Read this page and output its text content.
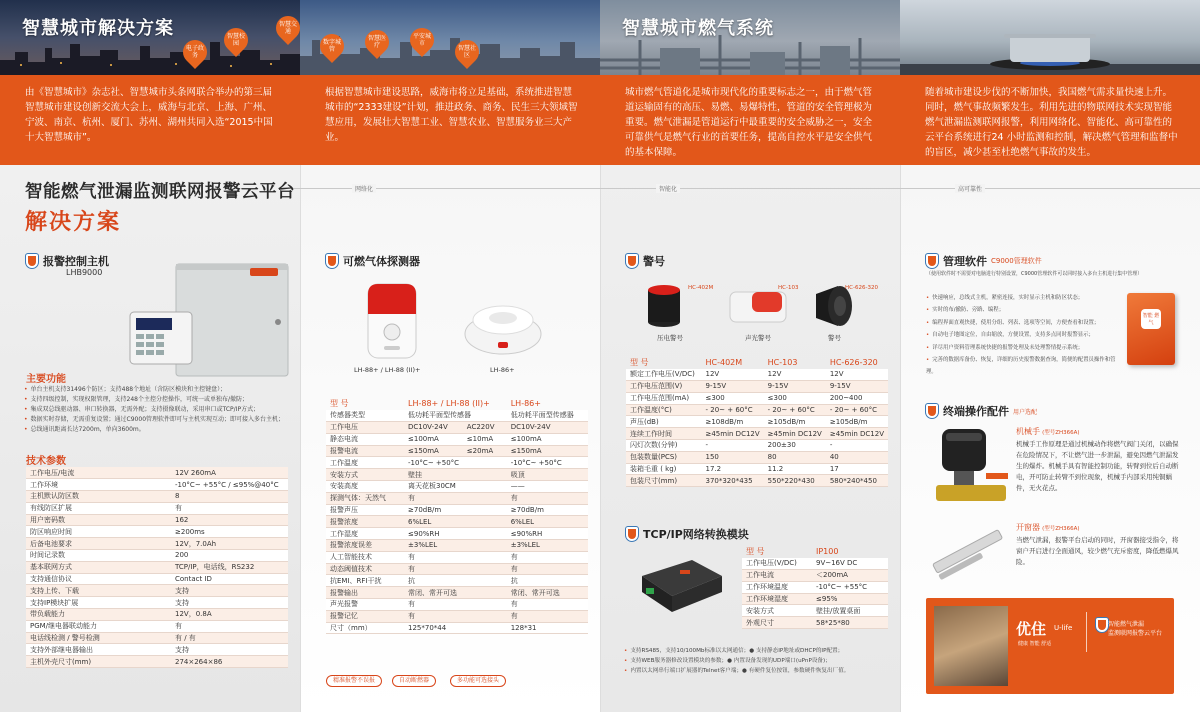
智慧城市解决方案
电子政务
智慧校园
智慧交通
平安城市
数字城管
智慧医疗	智慧社区
智慧城市燃气系统
由《智慧城市》杂志社、智慧城市头条网联合举办的第三届智慧城市建设创新交流大会上，威海与北京、上海、广州、宁波、南京、杭州、厦门、苏州、湖州共同入选“2015中国十大智慧城市”。
根据智慧城市建设思路，威海市将立足基础，系统推进智慧城市的“2333建设”计划，推进政务、商务、民生三大领域智慧应用，发展壮大智慧工业、智慧农业、智慧服务业三大产业。
城市燃气管道化是城市现代化的重要标志之一，由于燃气管道运输固有的高压、易燃、易爆特性，管道的安全管理极为重要。燃气泄漏是管道运行中最重要的安全威胁之一，安全可靠供气是燃气行业的首要任务，提高自控水平是安全供气的基本保障。
随着城市建设步伐的不断加快，我国燃气需求量快速上升。同时，燃气事故频繁发生。利用先进的物联网技术实现智能燃气泄漏监测联网报警，利用网络化、智能化、高可靠性的云平台系统进行24 小时监测和控制，解决燃气管理和监督中的盲区，减少甚至杜绝燃气事故的发生。
网络化	智能化	高可靠性
智能燃气泄漏监测联网报警云平台
解决方案
报警控制主机
LHB9000
主要功能
• 单台主机支持31496个防区；支持488个地址（含防区模块和主控键盘）；
• 支持四级控制，实现权限管理，支持248个主控分控操作，可统一或单独布/撤防；
• 集成双总线驱动器、串口转换器，无需外配；支持摄像联动，采用串口或TCP/IP方式；
• 数据实时存储，无需重复设置；通过C9000管理软件即可与主机实现互动；即可接入多台主机；
• 总线通讯距离长达7200m，单向3600m。
技术参数
工作电压/电流	12V 260mA
工作环境	-10°C~ +55°C / ≤95%@40°C
主机默认防区数	8
有线防区扩展	有
用户密码数	162
防区响应时间	≥200ms
后备电池要求	12V，7.0Ah
时间记录数	200
基本联网方式	TCP/IP，电话线，RS232
支持通信协议	Contact ID
支持上传、下载	支持
支持IP模块扩展	支持
带负载能力	12V，0.8A
PGM/继电器联动能力	有
电话线检测 / 警号检测	有 / 有
支持外部继电器输出	支持
主机外壳尺寸(mm)	274×264×86
可燃气体探测器
LH-88+ / LH-88 (II)+	LH-86+
型 号	LH-88+ / LH-88 (II)+		LH-86+
传感器类型	低功耗平面型传感器		低功耗平面型传感器
工作电压	DC10V-24V	AC220V	DC10V-24V
静态电流	≤100mA	≤10mA	≤100mA
报警电流	≤150mA	≤20mA	≤150mA
工作温度	-10°C~ +50°C		-10°C~ +50°C
安装方式	壁挂		吸顶
安装高度	离天花板30CM		——
探测气体：天然气	有		有
报警声压	≥70dB/m		≥70dB/m
报警浓度	6%LEL		6%LEL
工作湿度	≤90%RH		≤90%RH
报警浓度误差	±3%LEL		±3%LEL
人工智能技术	有		有
动态阈值技术	有		有
抗EMI、RFI干扰	抗		抗
报警输出	常闭、常开可选		常闭、常开可选
声光报警	有		有
报警记忆	有		有
尺寸（mm）	125*70*44		128*31
精准报警不误报	自动断燃器	多功能可选接头
警号
HC-402M	HC-103	HC-626-320
压电警号	声光警号	警号
型 号	HC-402M	HC-103	HC-626-320
额定工作电压(V/DC)	12V	12V	12V
工作电压范围(V)	9-15V	9-15V	9-15V
工作电压范围(mA)	≤300	≤300	200~400
工作温度(°C)	- 20~ + 60°C	- 20~ + 60°C	- 20~ + 60°C
声压(dB)	≥108dB/m	≥105dB/m	≥105dB/m
连续工作时间	≥45min DC12V	≥45min DC12V	≥45min DC12V
闪灯次数(分钟)	-	200±30	-
包装数量(PCS)	150	80	40
装箱毛重 ( kg)	17.2	11.2	17
包装尺寸(mm)	370*320*435	550*220*430	580*240*450
TCP/IP网络转换模块
型 号	IP100
工作电压(V/DC)	9V~16V DC
工作电流	＜200mA
工作环境温度	-10°C~ +55°C
工作环境湿度	≤95%
安装方式	壁挂/放置桌面
外观尺寸	58*25*80
• 支持RS485，支持10/100Mb标准以太网通信；● 支持静态IP地址或DHCP的IP配置；
• 支持WEB服务器修改设置模块的参数；● 内置设备发现的UDP端口(uPnP设备)；
• 内置以太网串行端口扩展器的Telnet客户端；● 有硬件复位按钮，参数硬件恢复出厂值。
管理软件 C9000管理软件
（使用软件时不需要对电脑进行特别设置，C9000管理软件可以同时接入多台主机进行集中管理）
• 快速响应，总线式主机，紧密连接，实时显示主机和防区状态；
• 实时的布/撤防、旁路、编程；
• 编程界面直观快捷，使用分组、列表、选项等空间，方便查看和设置；
• 自动电子地图定位，自由缩放，方便设置，支持多点同时报警显示；
• 详尽用户资料管理系统快捷的报警处理及未处理警情提示系统；
• 完善的数据库备份、恢复，详细的历史报警数据查询，简便的配置员操作和管理。
智能 燃气
终端操作配件 用户选配
机械手 (型号ZH366A)
机械手工作原理是通过机械动作将燃气阀门关闭，以确保在危险情况下，不让燃气进一步泄漏，避免因燃气泄漏发生的爆炸。机械手具有智能控制功能，转臂到位后自动断电，开可防止转臂不到位现象，机械手内部采用纯铜蜗件，无火花点。
开窗器 (型号ZH366A)
当燃气泄漏，报警平台启动的同时，开窗器接受指令，将窗户开启进行全面通风，较少燃气充斥密度，降低燃爆风险。
优住 U-life
健康 智能 舒适
智能燃气泄漏
监测联网报警云平台
